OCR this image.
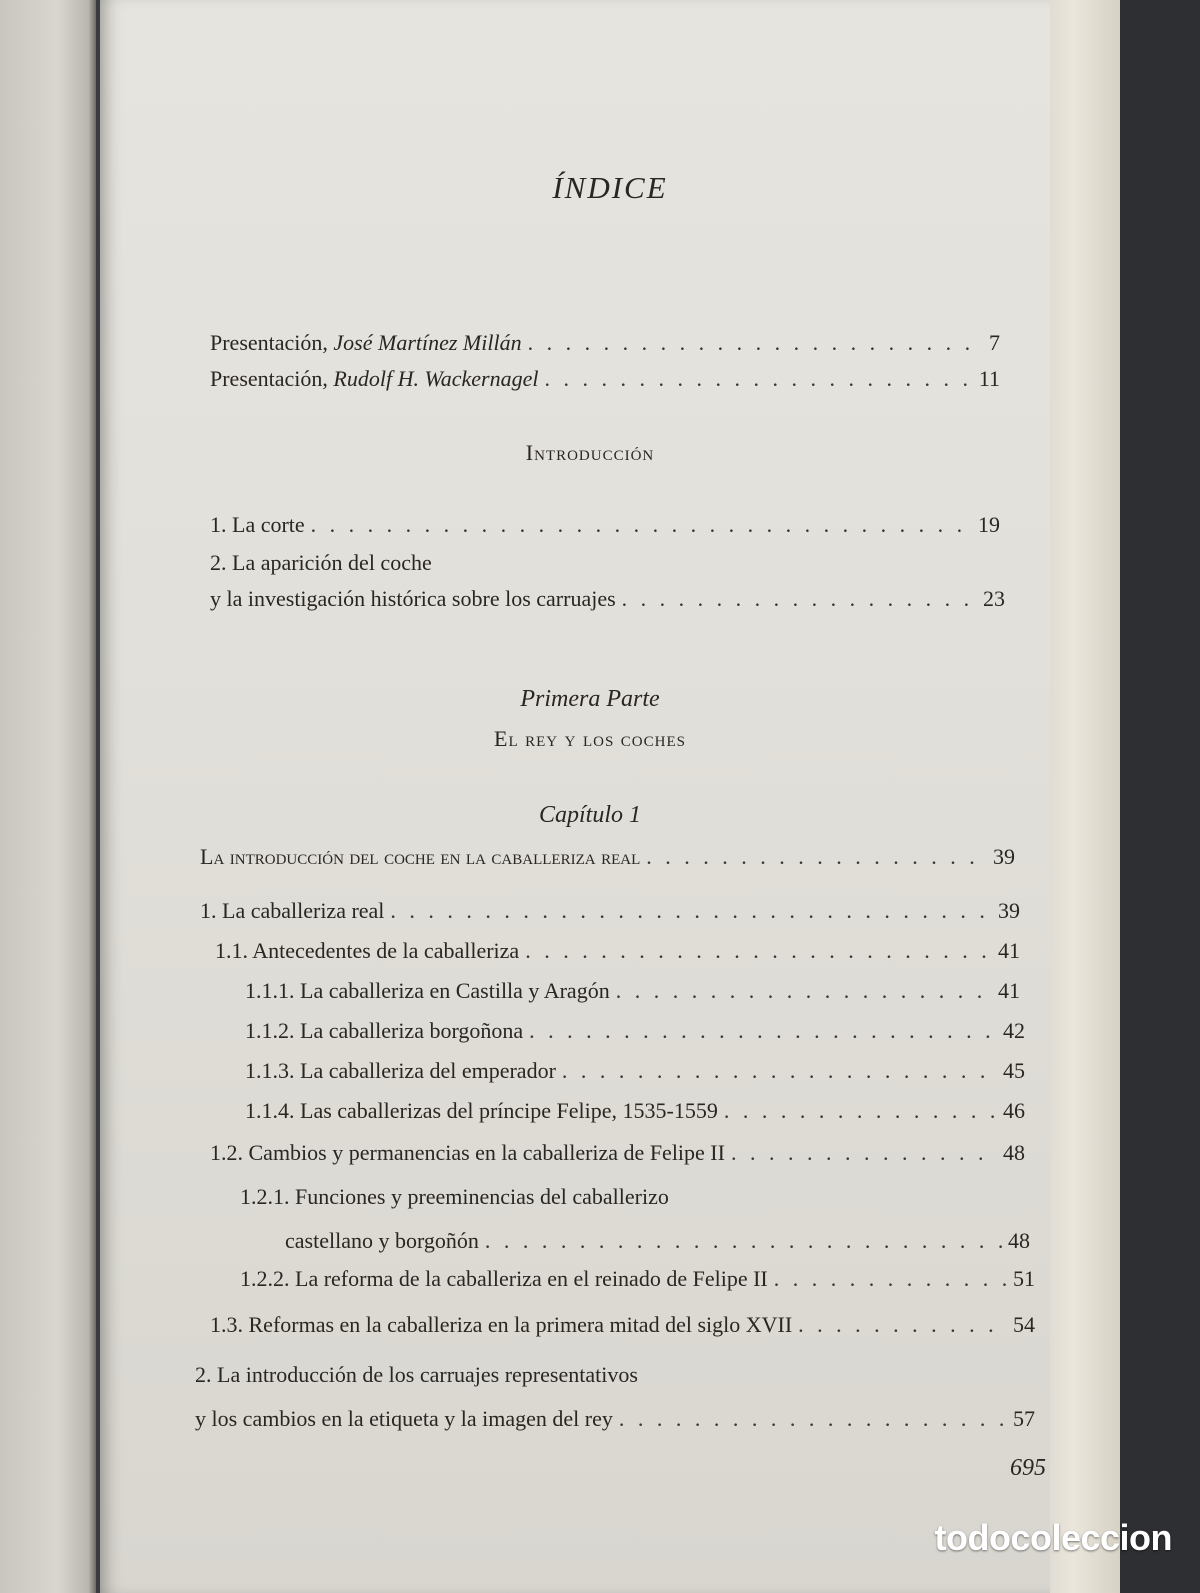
ÍNDICE
Presentación, José Martínez Millán . . .	7
Presentación, Rudolf H. Wackernagel . . .	11
Introducción
1. La corte . . .	19
2. La aparición del coche
y la investigación histórica sobre los carruajes . . .	23
Primera Parte
El rey y los coches
Capítulo 1
La introducción del coche en la caballeriza real . . .	39
1. La caballeriza real . . .	39
1.1. Antecedentes de la caballeriza . . .	41
1.1.1. La caballeriza en Castilla y Aragón . . .	41
1.1.2. La caballeriza borgoñona . . .	42
1.1.3. La caballeriza del emperador . . .	45
1.1.4. Las caballerizas del príncipe Felipe, 1535-1559 . . .	46
1.2. Cambios y permanencias en la caballeriza de Felipe II . . .	48
1.2.1. Funciones y preeminencias del caballerizo
castellano y borgoñón . . .	48
1.2.2. La reforma de la caballeriza en el reinado de Felipe II . . .	51
1.3. Reformas en la caballeriza en la primera mitad del siglo XVII . . .	54
2. La introducción de los carruajes representativos
y los cambios en la etiqueta y la imagen del rey . . .	57
695
todocoleccion
